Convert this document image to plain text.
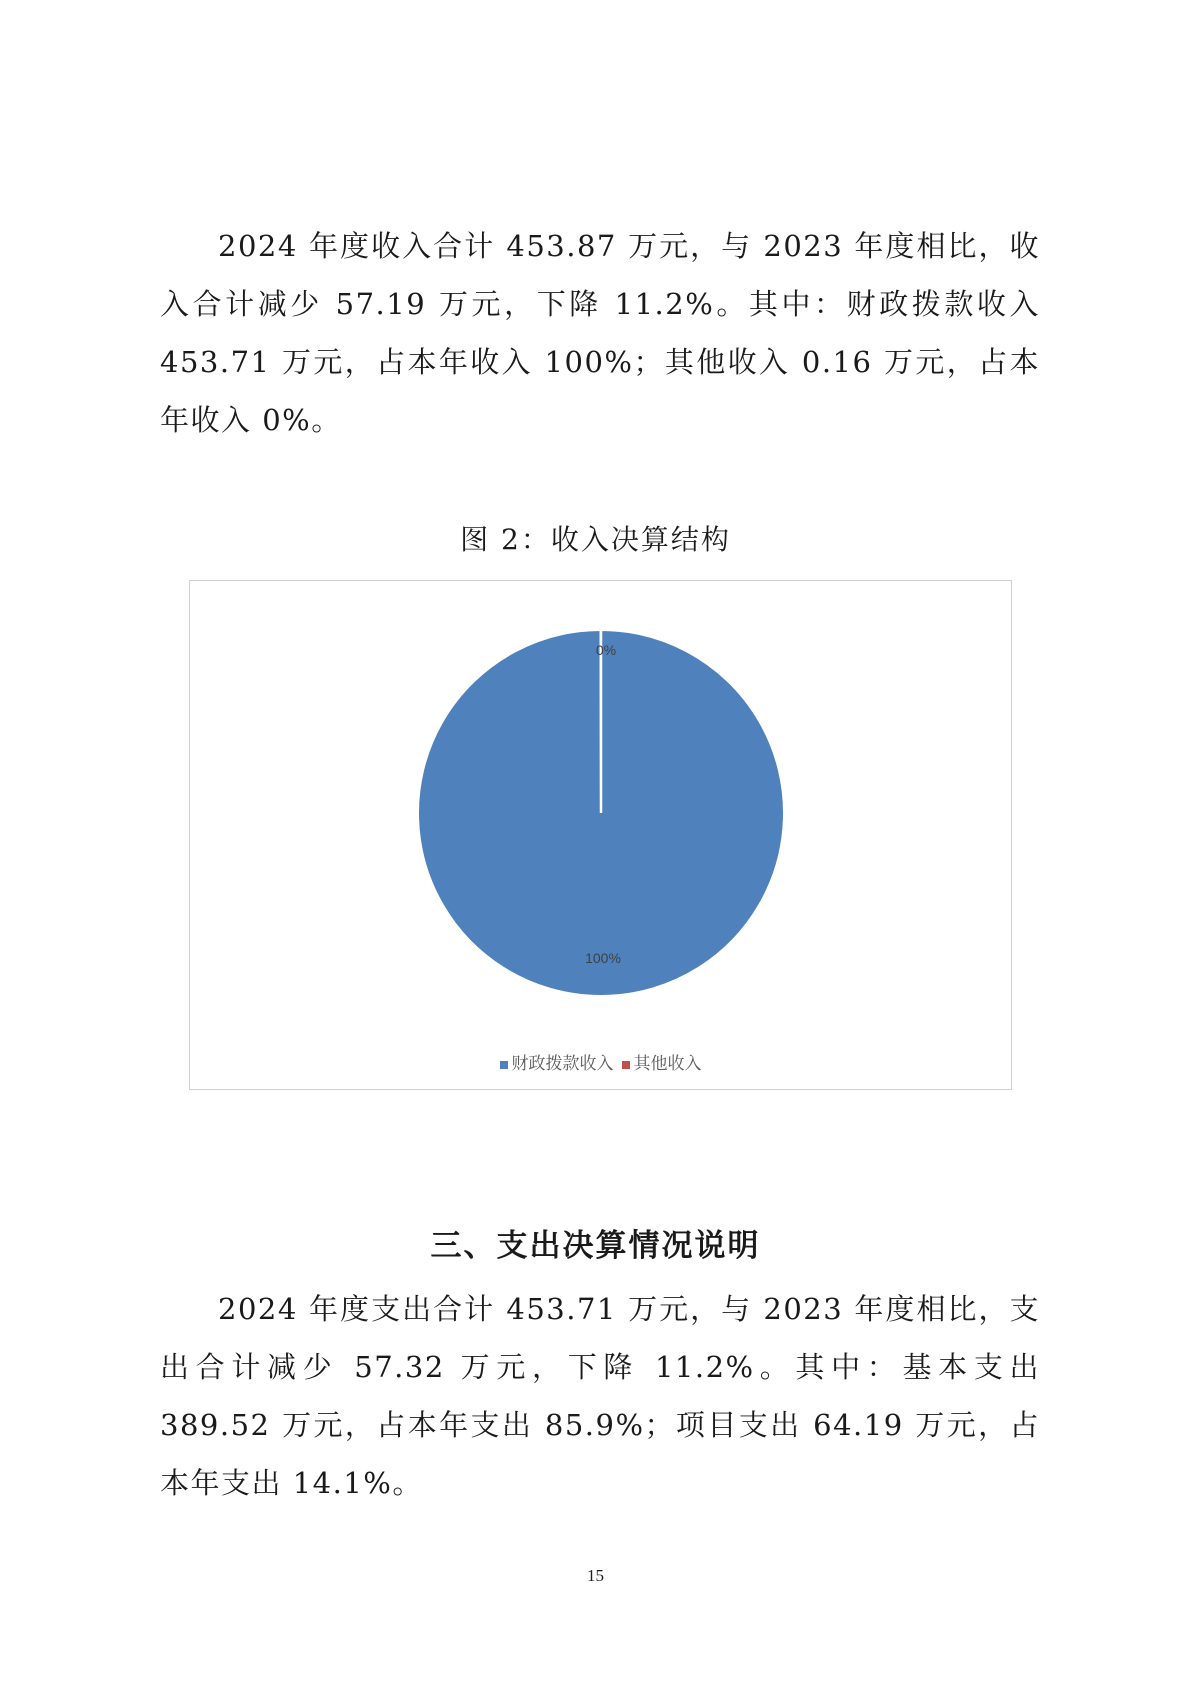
2024 年度收入合计 453.87 万元，与 2023 年度相比，收入合计减少 57.19 万元，下降 11.2%。其中：财政拨款收入 453.71 万元，占本年收入 100%；其他收入 0.16 万元，占本年收入 0%。

图 2：收入决算结构
100%
0%
财政拨款收入 其他收入
三、支出决算情况说明

2024 年度支出合计 453.71 万元，与 2023 年度相比，支出合计减少 57.32 万元，下降 11.2%。其中：基本支出 389.52 万元，占本年支出 85.9%；项目支出 64.19 万元，占本年支出 14.1%。

15
